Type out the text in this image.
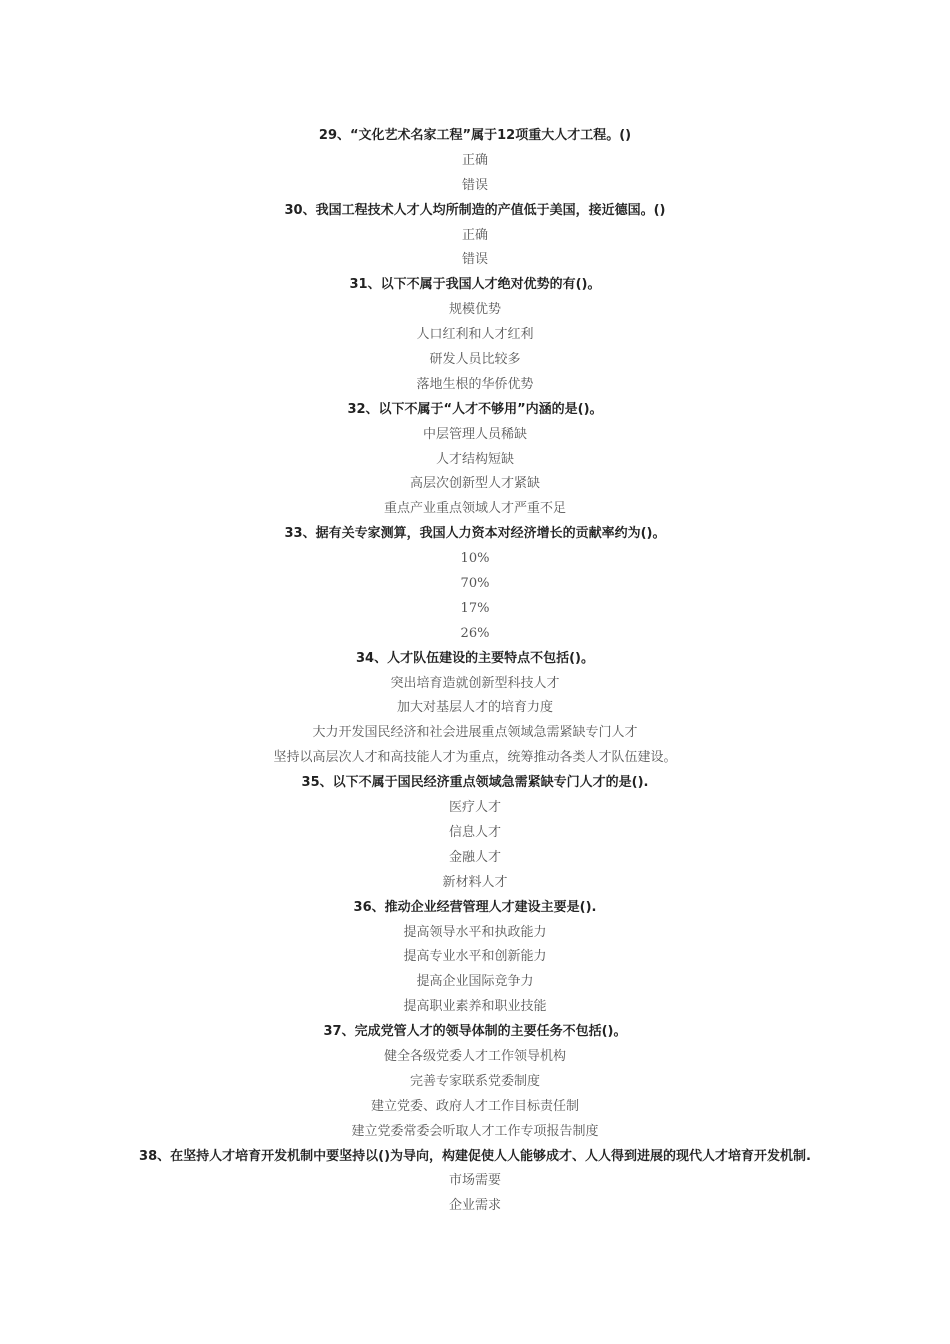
29、“文化艺术名家工程”属于12项重大人才工程。()
正确
错误
30、我国工程技术人才人均所制造的产值低于美国，接近德国。()
正确
错误
31、以下不属于我国人才绝对优势的有()。
规模优势
人口红利和人才红利
研发人员比较多
落地生根的华侨优势
32、以下不属于“人才不够用”内涵的是()。
中层管理人员稀缺
人才结构短缺
高层次创新型人才紧缺
重点产业重点领域人才严重不足
33、据有关专家测算，我国人力资本对经济增长的贡献率约为()。
10%
70%
17%
26%
34、人才队伍建设的主要特点不包括()。
突出培育造就创新型科技人才
加大对基层人才的培育力度
大力开发国民经济和社会进展重点领域急需紧缺专门人才
坚持以高层次人才和高技能人才为重点，统筹推动各类人才队伍建设。
35、以下不属于国民经济重点领域急需紧缺专门人才的是().
医疗人才
信息人才
金融人才
新材料人才
36、推动企业经营管理人才建设主要是().
提高领导水平和执政能力
提高专业水平和创新能力
提高企业国际竞争力
提高职业素养和职业技能
37、完成党管人才的领导体制的主要任务不包括()。
健全各级党委人才工作领导机构
完善专家联系党委制度
建立党委、政府人才工作目标责任制
建立党委常委会听取人才工作专项报告制度
38、在坚持人才培育开发机制中要坚持以()为导向，构建促使人人能够成才、人人得到进展的现代人才培育开发机制.
市场需要
企业需求
